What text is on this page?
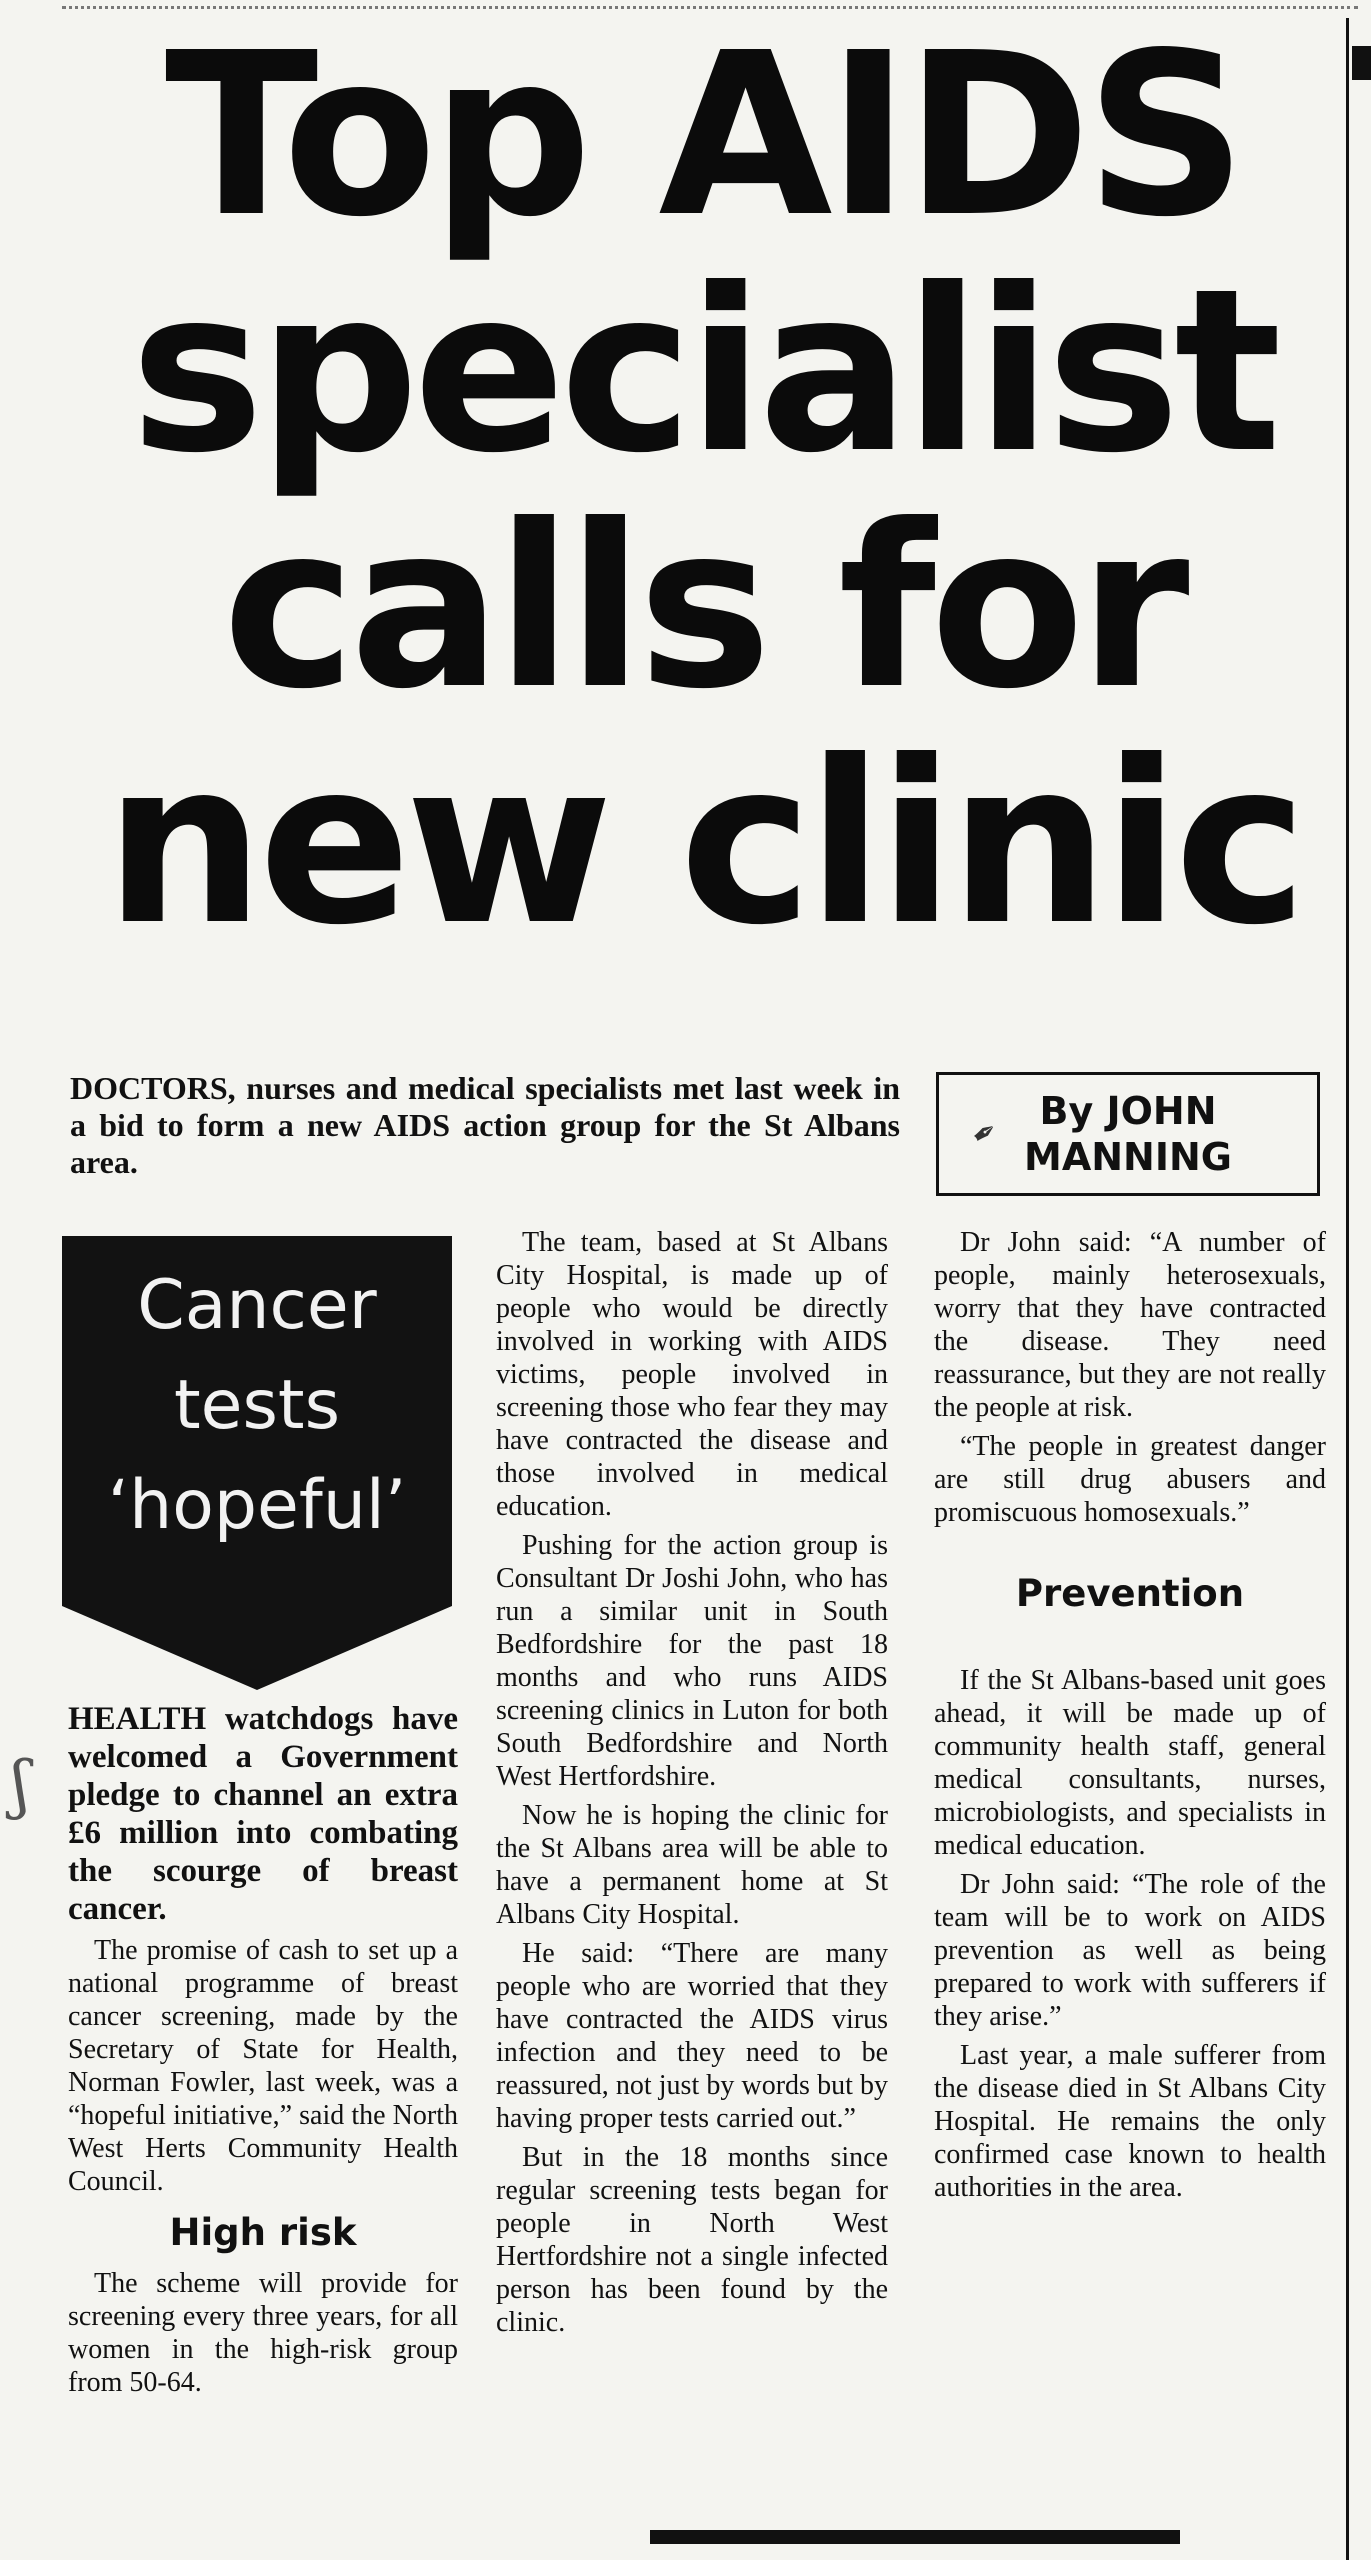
Top AIDS
specialist
calls for
new clinic
DOCTORS, nurses and medical specialists met last week in a bid to form a new AIDS action group for the St Albans area.
✒
By JOHN
MANNING
Cancer
tests
‘hopeful’
ʃ

HEALTH watchdogs have welcomed a Government pledge to channel an extra £6 million into combating the scourge of breast cancer.

The promise of cash to set up a national programme of breast cancer screening, made by the Secretary of State for Health, Norman Fowler, last week, was a “hopeful initiative,” said the North West Herts Community Health Council.

High risk

The scheme will provide for screening every three years, for all women in the high-risk group from 50-64.

The team, based at St Albans City Hospital, is made up of people who would be directly involved in working with AIDS victims, people involved in screening those who fear they may have contracted the disease and those involved in medical education.

Pushing for the action group is Consultant Dr Joshi John, who has run a similar unit in South Bedfordshire for the past 18 months and who runs AIDS screening clinics in Luton for both South Bedfordshire and North West Hertfordshire.

Now he is hoping the clinic for the St Albans area will be able to have a permanent home at St Albans City Hospital.

He said: “There are many people who are worried that they have contracted the AIDS virus infection and they need to be reassured, not just by words but by having proper tests carried out.”

But in the 18 months since regular screening tests began for people in North West Hertfordshire not a single infected person has been found by the clinic.

Dr John said: “A number of people, mainly heterosexuals, worry that they have contracted the disease. They need reassurance, but they are not really the people at risk.

“The people in greatest danger are still drug abusers and promiscuous homosexuals.”

Prevention

If the St Albans-based unit goes ahead, it will be made up of community health staff, general medical consultants, nurses, microbiologists, and specialists in medical education.

Dr John said: “The role of the team will be to work on AIDS prevention as well as being prepared to work with sufferers if they arise.”

Last year, a male sufferer from the disease died in St Albans City Hospital. He remains the only confirmed case known to health authorities in the area.
